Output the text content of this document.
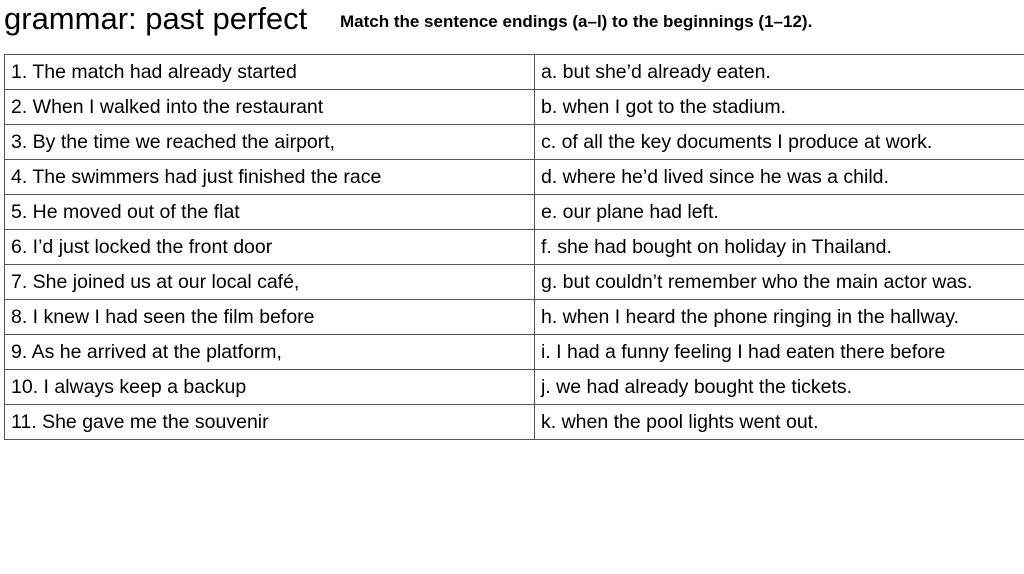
grammar: past perfect Match the sentence endings (a–l) to the beginnings (1–12).
1. The match had already started	a. but she’d already eaten.
2. When I walked into the restaurant	b. when I got to the stadium.
3. By the time we reached the airport,	c. of all the key documents I produce at work.
4. The swimmers had just finished the race	d. where he’d lived since he was a child.
5. He moved out of the flat	e. our plane had left.
6. I’d just locked the front door	f. she had bought on holiday in Thailand.
7. She joined us at our local café,	g. but couldn’t remember who the main actor was.
8. I knew I had seen the film before	h. when I heard the phone ringing in the hallway.
9. As he arrived at the platform,	i. I had a funny feeling I had eaten there before
10. I always keep a backup	j. we had already bought the tickets.
11. She gave me the souvenir	k. when the pool lights went out.
